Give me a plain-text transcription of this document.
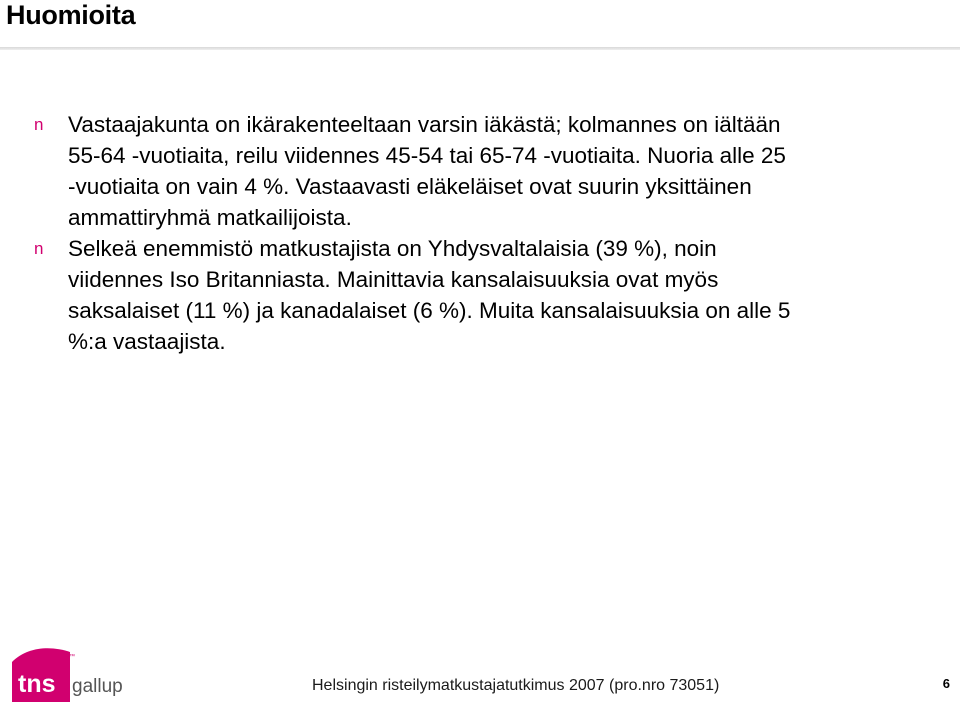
Huomioita
n Vastaajakunta on ikärakenteeltaan varsin iäkästä; kolmannes on iältään
55-64 -vuotiaita, reilu viidennes 45-54 tai 65-74 -vuotiaita. Nuoria alle 25
-vuotiaita on vain 4 %. Vastaavasti eläkeläiset ovat suurin yksittäinen
ammattiryhmä matkailijoista.
n Selkeä enemmistö matkustajista on Yhdysvaltalaisia (39 %), noin
viidennes Iso Britanniasta. Mainittavia kansalaisuuksia ovat myös
saksalaiset (11 %) ja kanadalaiset (6 %). Muita kansalaisuuksia on alle 5
%:a vastaajista.
tns
™
gallup	Helsingin risteilymatkustajatutkimus 2007 (pro.nro 73051)	6
